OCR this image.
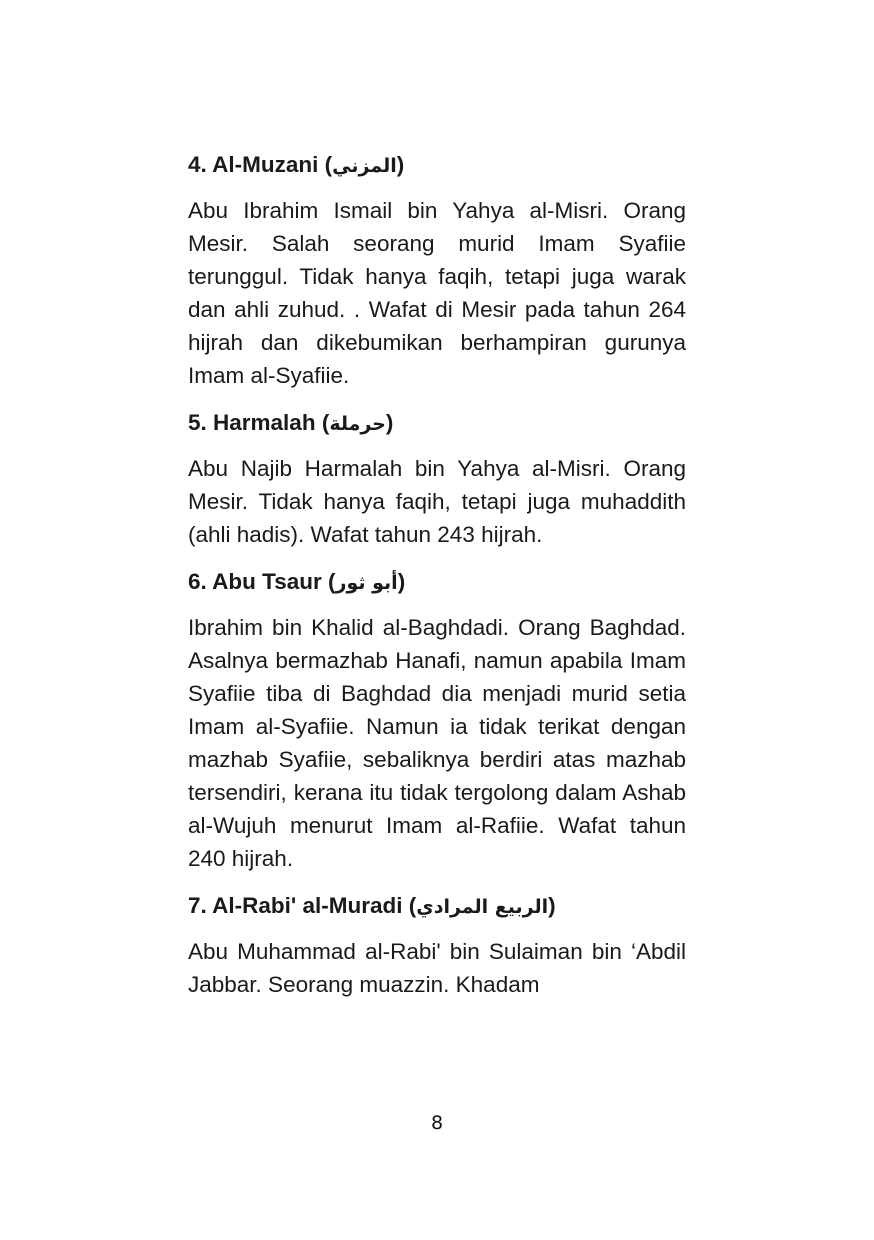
4. Al-Muzani (المزني)

Abu Ibrahim Ismail bin Yahya al-Misri. Orang Mesir. Salah seorang murid Imam Syafiie terunggul. Tidak hanya faqih, tetapi juga warak dan ahli zuhud. . Wafat di Mesir pada tahun 264 hijrah dan dikebumikan berhampiran gurunya Imam al-Syafiie.

5. Harmalah (حرملة)

Abu Najib Harmalah bin Yahya al-Misri. Orang Mesir. Tidak hanya faqih, tetapi juga muhaddith (ahli hadis). Wafat tahun 243 hijrah.

6. Abu Tsaur (أبو ثور)

Ibrahim bin Khalid al-Baghdadi. Orang Baghdad. Asalnya bermazhab Hanafi, namun apabila Imam Syafiie tiba di Baghdad dia menjadi murid setia Imam al-Syafiie. Namun ia tidak terikat dengan mazhab Syafiie, sebaliknya berdiri atas mazhab tersendiri, kerana itu tidak tergolong dalam Ashab al-Wujuh menurut Imam al-Rafiie. Wafat tahun 240 hijrah.

7. Al-Rabi' al-Muradi (الربيع المرادي)

Abu Muhammad al-Rabi' bin Sulaiman bin ‘Abdil Jabbar. Seorang muazzin. Khadam

8
